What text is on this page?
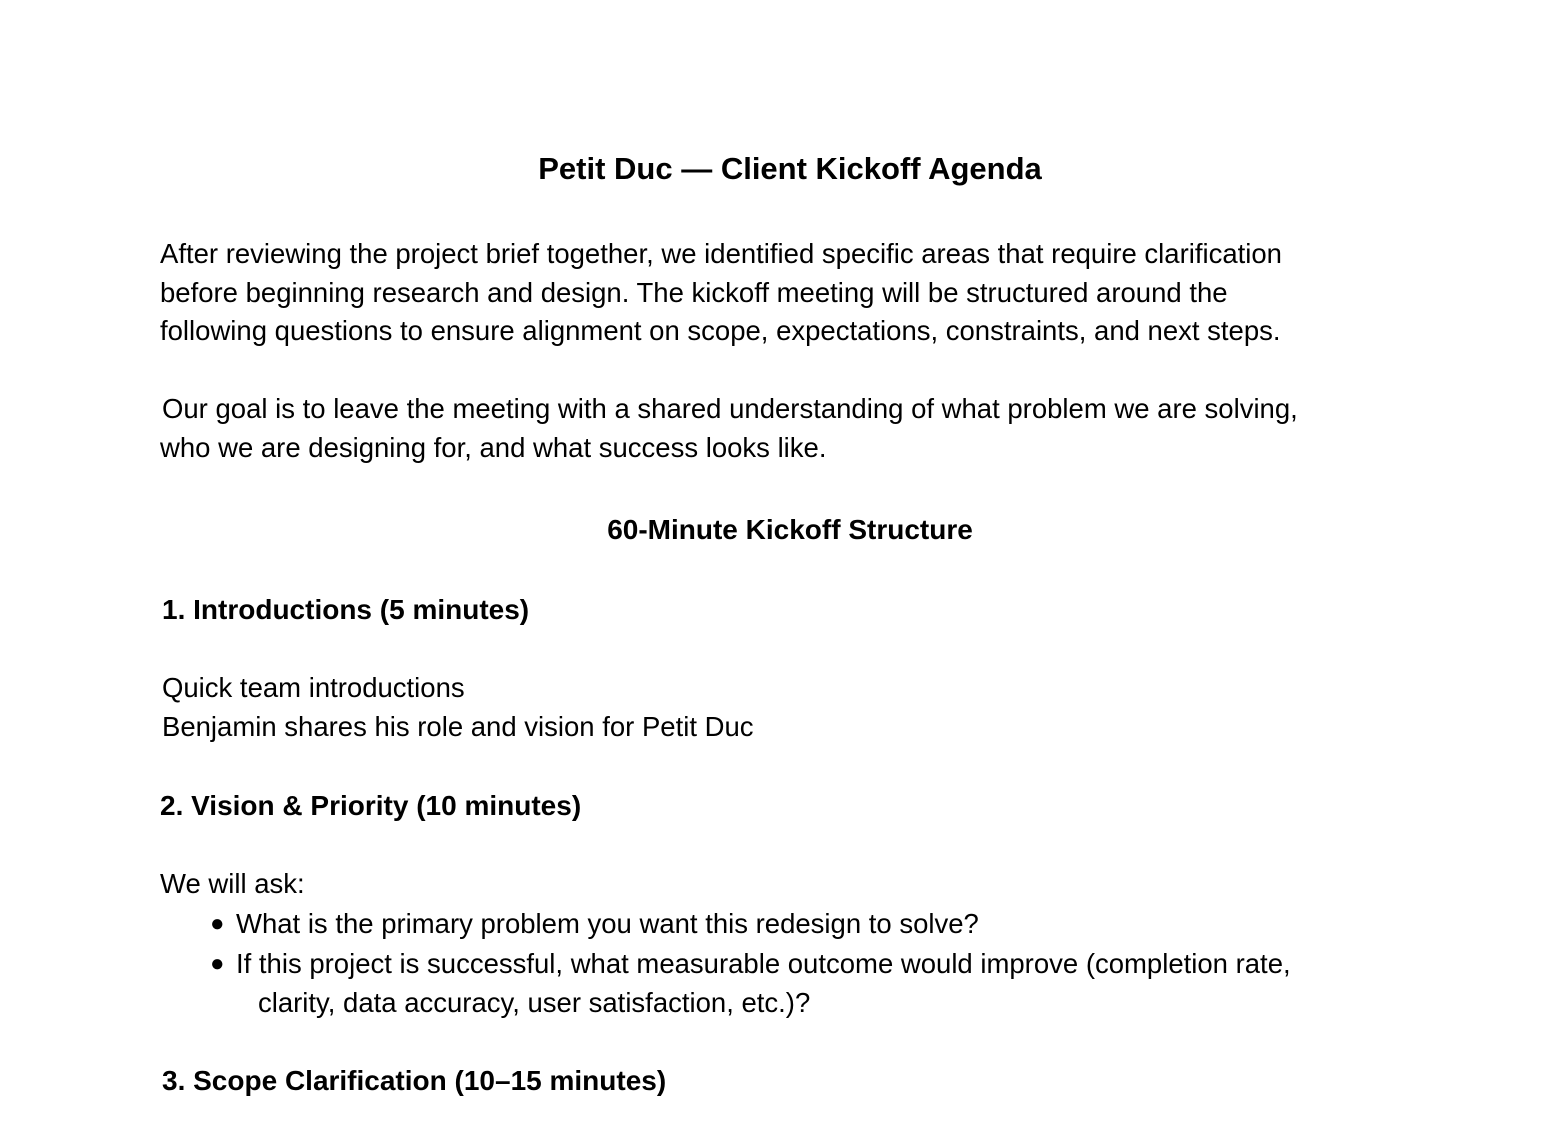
Petit Duc — Client Kickoff Agenda

After reviewing the project brief together, we identified specific areas that require clarification
before beginning research and design. The kickoff meeting will be structured around the
following questions to ensure alignment on scope, expectations, constraints, and next steps.

Our goal is to leave the meeting with a shared understanding of what problem we are solving,
who we are designing for, and what success looks like.

60-Minute Kickoff Structure
1. Introductions (5 minutes)

Quick team introductions

Benjamin shares his role and vision for Petit Duc

2. Vision & Priority (10 minutes)

We will ask:

● What is the primary problem you want this redesign to solve?
● If this project is successful, what measurable outcome would improve (completion rate,
clarity, data accuracy, user satisfaction, etc.)?
3. Scope Clarification (10–15 minutes)
